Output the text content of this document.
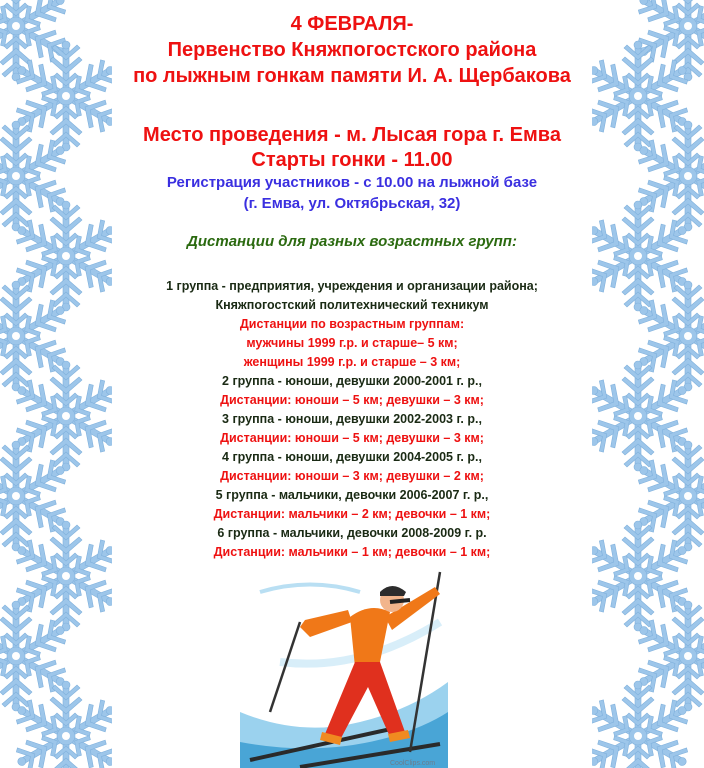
4 ФЕВРАЛЯ-
Первенство Княжпогостского района
по лыжным гонкам памяти И. А. Щербакова
Место проведения - м. Лысая гора г. Емва
Старты гонки - 11.00
Регистрация участников - с 10.00 на лыжной базе
(г. Емва, ул. Октябрьская, 32)
Дистанции для разных возрастных групп:
1 группа - предприятия, учреждения и организации района;
Княжпогостский политехнический техникум
Дистанции по возрастным группам:
мужчины 1999 г.р. и старше– 5 км;
женщины 1999 г.р. и старше – 3 км;
2 группа - юноши, девушки 2000-2001 г. р.,
Дистанции: юноши – 5 км; девушки – 3 км;
3 группа - юноши, девушки 2002-2003 г. р.,
Дистанции: юноши – 5 км; девушки – 3 км;
4 группа - юноши, девушки 2004-2005 г. р.,
Дистанции: юноши – 3 км; девушки – 2 км;
5 группа - мальчики, девочки 2006-2007 г. р.,
Дистанции: мальчики – 2 км; девочки – 1 км;
6 группа - мальчики, девочки 2008-2009 г. р.
Дистанции: мальчики – 1 км; девочки – 1 км;
CoolClips.com
